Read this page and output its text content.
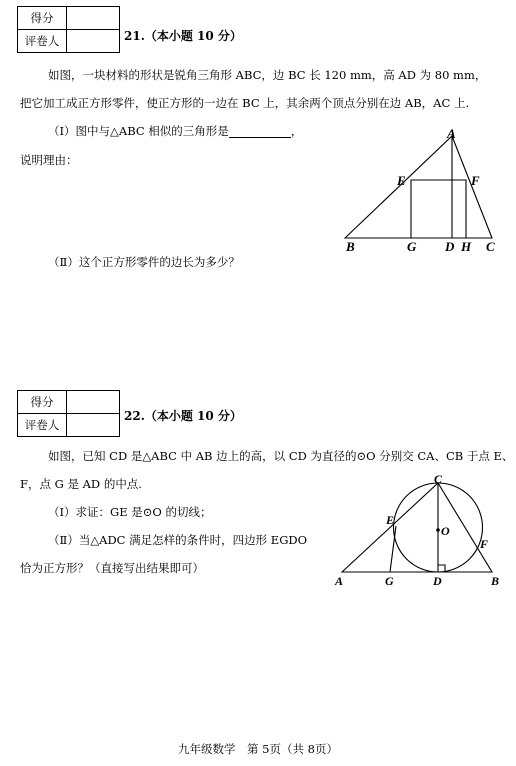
得分	
评卷人		21.（本小题 10 分）
如图，一块材料的形状是锐角三角形 ABC，边 BC 长 120 mm，高 AD 为 80 mm，
把它加工成正方形零件，使正方形的一边在 BC 上，其余两个顶点分别在边 AB，AC 上.
（Ⅰ）图中与△ABC 相似的三角形是	，
说明理由：
（Ⅱ）这个正方形零件的边长为多少？
A
E	F
B	G D H C
得分	
评卷人	
22.（本小题 10 分）
如图，已知 CD 是△ABC 中 AB 边上的高，以 CD 为直径的⊙O 分别交 CA、CB 于点 E、
F，点 G 是 AD 的中点.
（Ⅰ）求证：GE 是⊙O 的切线；
（Ⅱ）当△ADC 满足怎样的条件时，四边形 EGDO
恰为正方形？（直接写出结果即可）
C
E
O
F
A	G	D	B
九年级数学　第 5页（共 8页）
